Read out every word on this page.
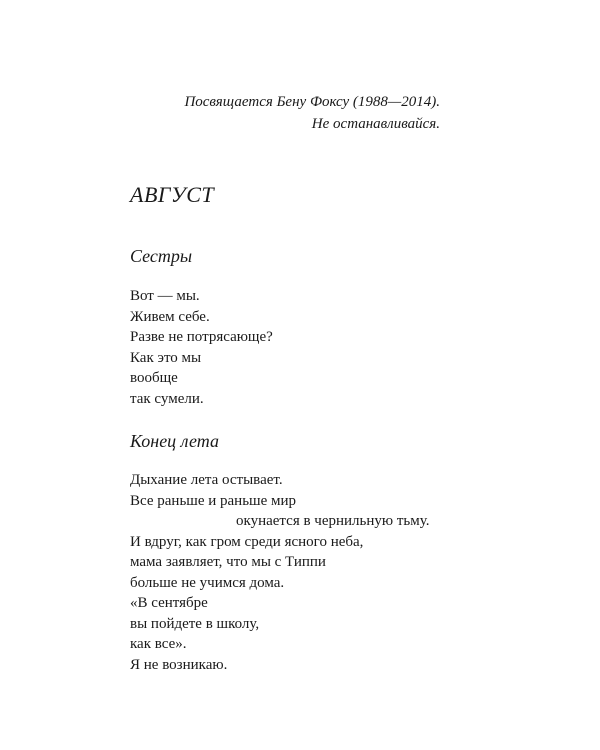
Посвящается Бену Фоксу (1988—2014).
Не останавливайся.
АВГУСТ
Сестры
Вот — мы.
Живем себе.
Разве не потрясающе?
Как это мы
вообще
так сумели.
Конец лета
Дыхание лета остывает.
Все раньше и раньше мир
окунается в чернильную тьму.
И вдруг, как гром среди ясного неба,
мама заявляет, что мы с Типпи
больше не учимся дома.
«В сентябре
вы пойдете в школу,
как все».
Я не возникаю.
